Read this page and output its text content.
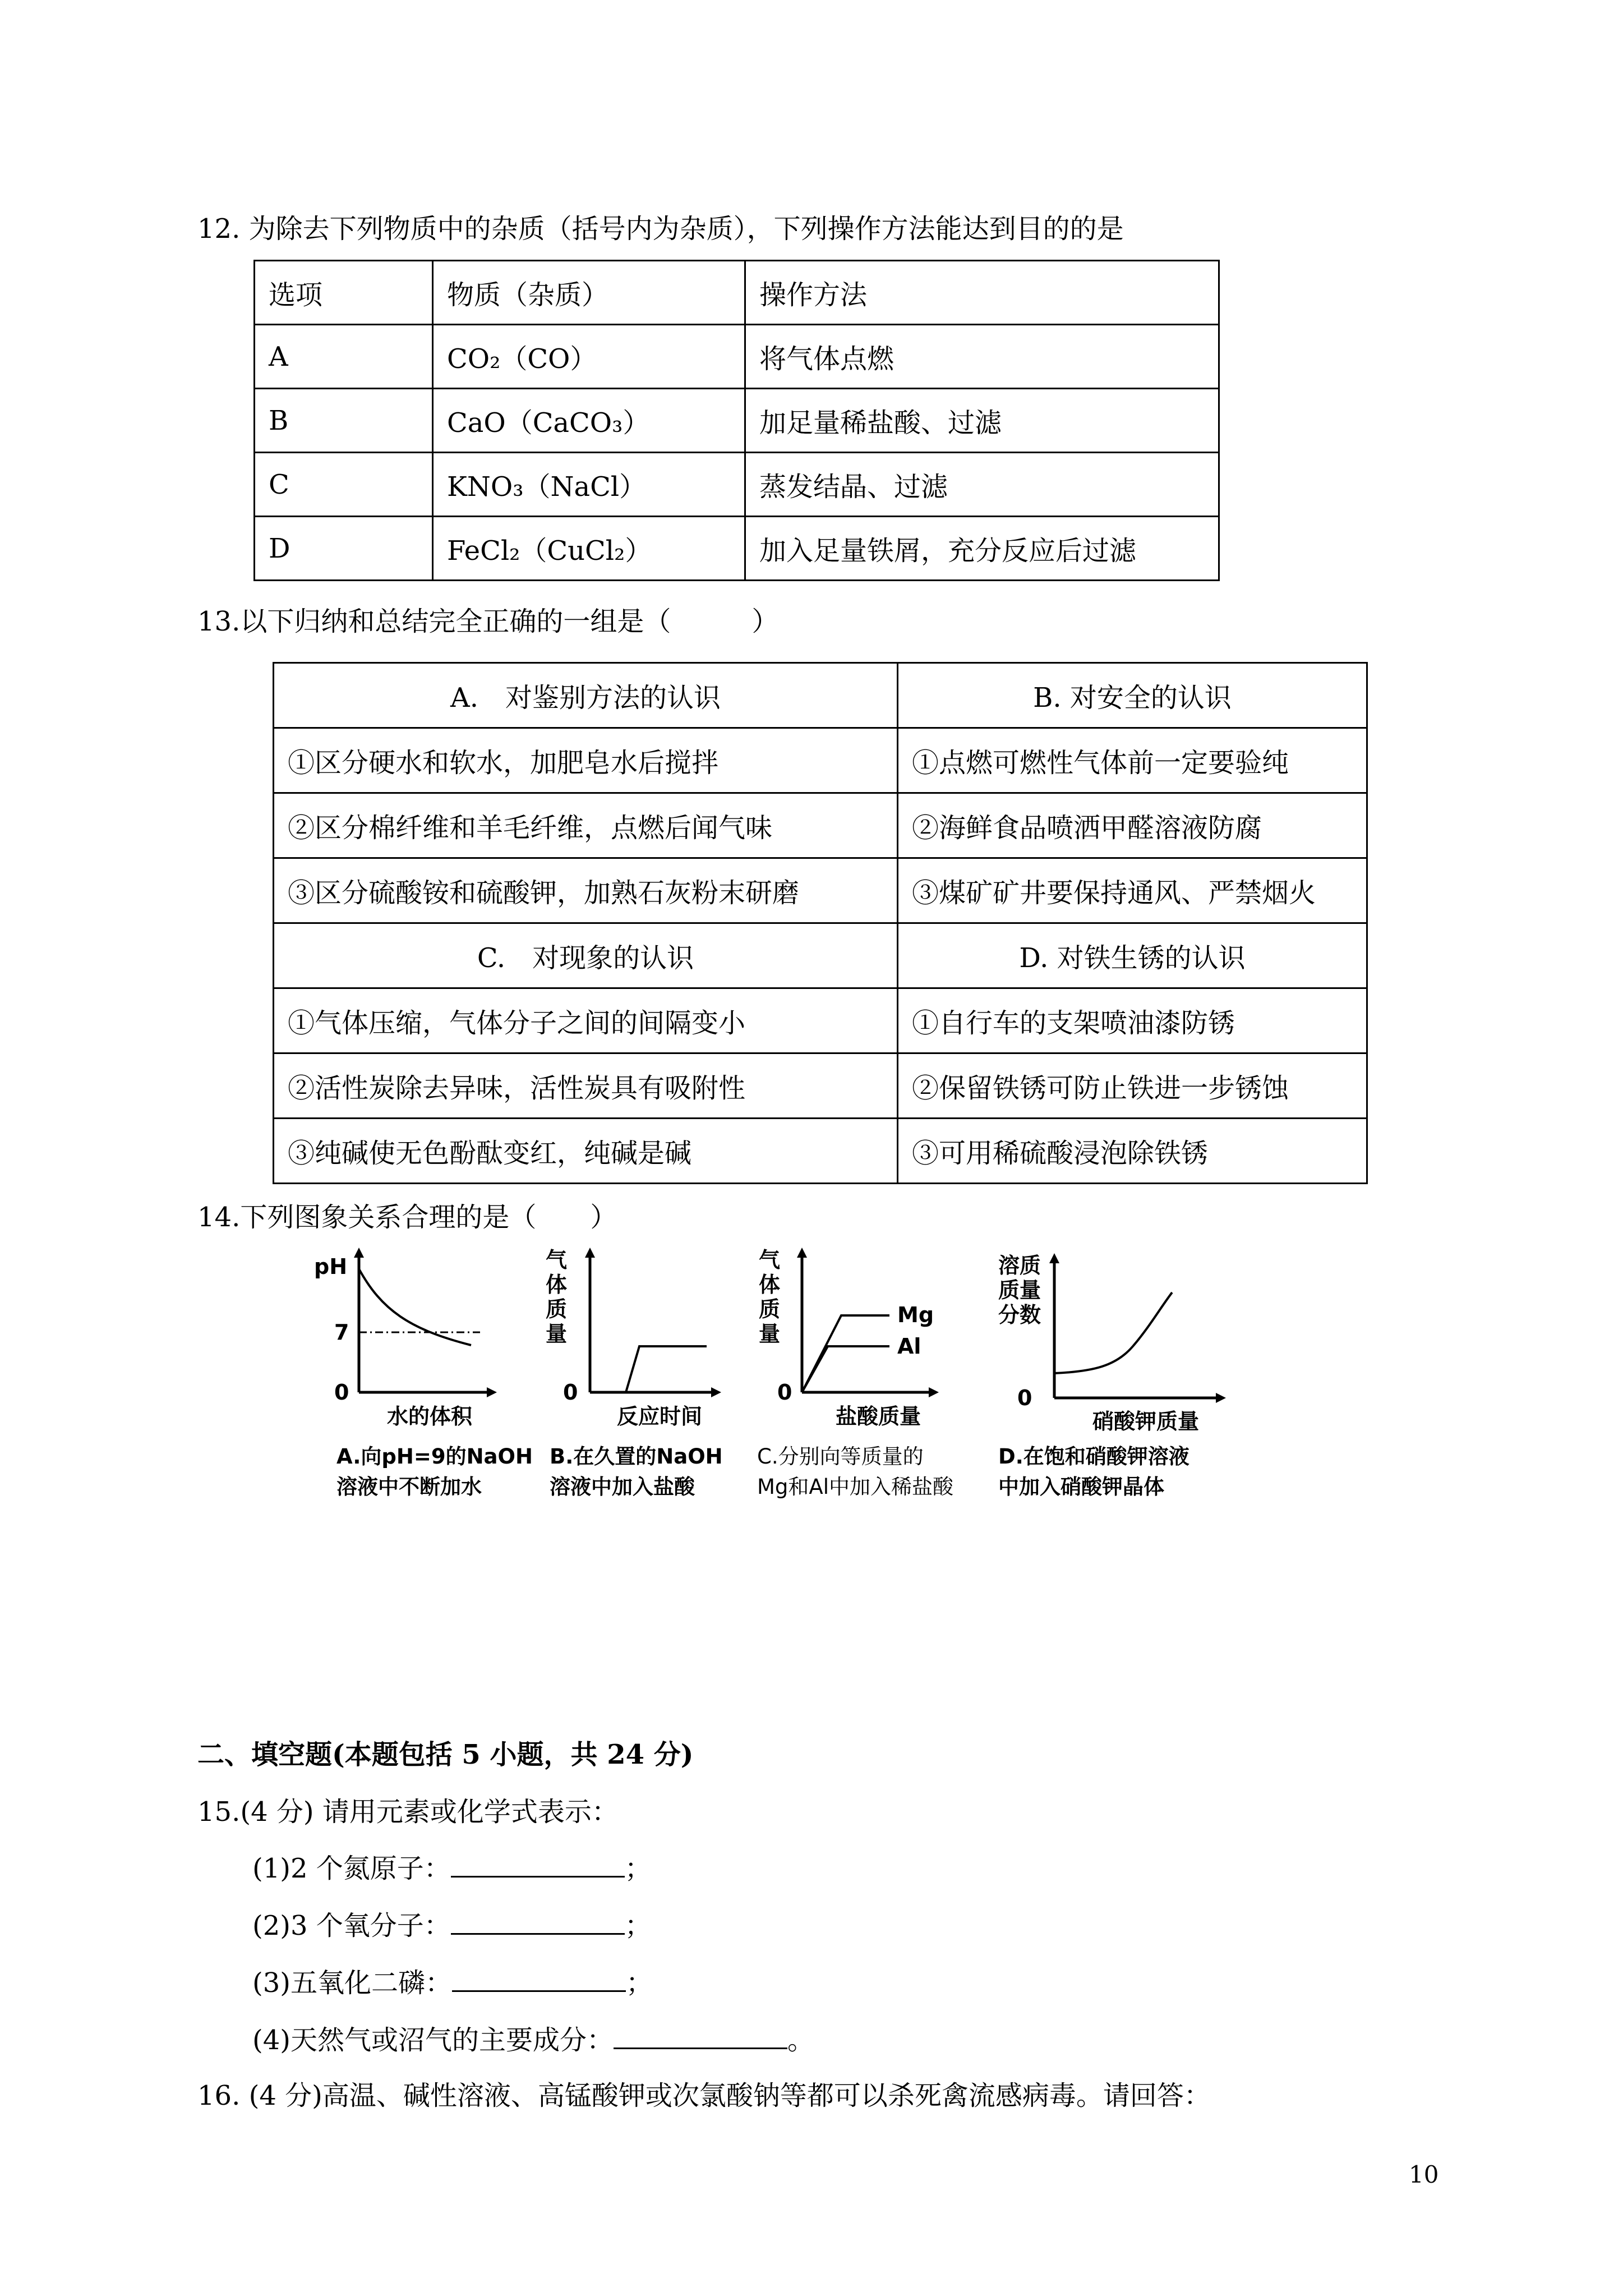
12. 为除去下列物质中的杂质（括号内为杂质），下列操作方法能达到目的的是
选项	物质（杂质）	操作方法
A	CO₂（CO）	将气体点燃
B	CaO（CaCO₃）	加足量稀盐酸、过滤
C	KNO₃（NaCl）	蒸发结晶、过滤
D	FeCl₂（CuCl₂）	加入足量铁屑，充分反应后过滤
13.以下归纳和总结完全正确的一组是（　　　）
A.　对鉴别方法的认识	B. 对安全的认识
①区分硬水和软水，加肥皂水后搅拌	①点燃可燃性气体前一定要验纯
②区分棉纤维和羊毛纤维，点燃后闻气味	②海鲜食品喷洒甲醛溶液防腐
③区分硫酸铵和硫酸钾，加熟石灰粉末研磨	③煤矿矿井要保持通风、严禁烟火
C.　对现象的认识	D. 对铁生锈的认识
①气体压缩，气体分子之间的间隔变小	①自行车的支架喷油漆防锈
②活性炭除去异味，活性炭具有吸附性	②保留铁锈可防止铁进一步锈蚀
③纯碱使无色酚酞变红，纯碱是碱	③可用稀硫酸浸泡除铁锈
14.下列图象关系合理的是（　　）
pH
7
0
水的体积
A.向pH=9的NaOH
溶液中不断加水
气体质量
0
反应时间
B.在久置的NaOH
溶液中加入盐酸
气体质量
Mg
Al
0
盐酸质量
C.分别向等质量的
Mg和Al中加入稀盐酸
溶质
质量
分数
0
硝酸钾质量
D.在饱和硝酸钾溶液
中加入硝酸钾晶体
二、填空题(本题包括 5 小题，共 24 分)
15.(4 分) 请用元素或化学式表示：
(1)2 个氮原子：	；
(2)3 个氧分子：	；
(3)五氧化二磷：	；
(4)天然气或沼气的主要成分：	。
16. (4 分)高温、碱性溶液、高锰酸钾或次氯酸钠等都可以杀死禽流感病毒。请回答：
10
